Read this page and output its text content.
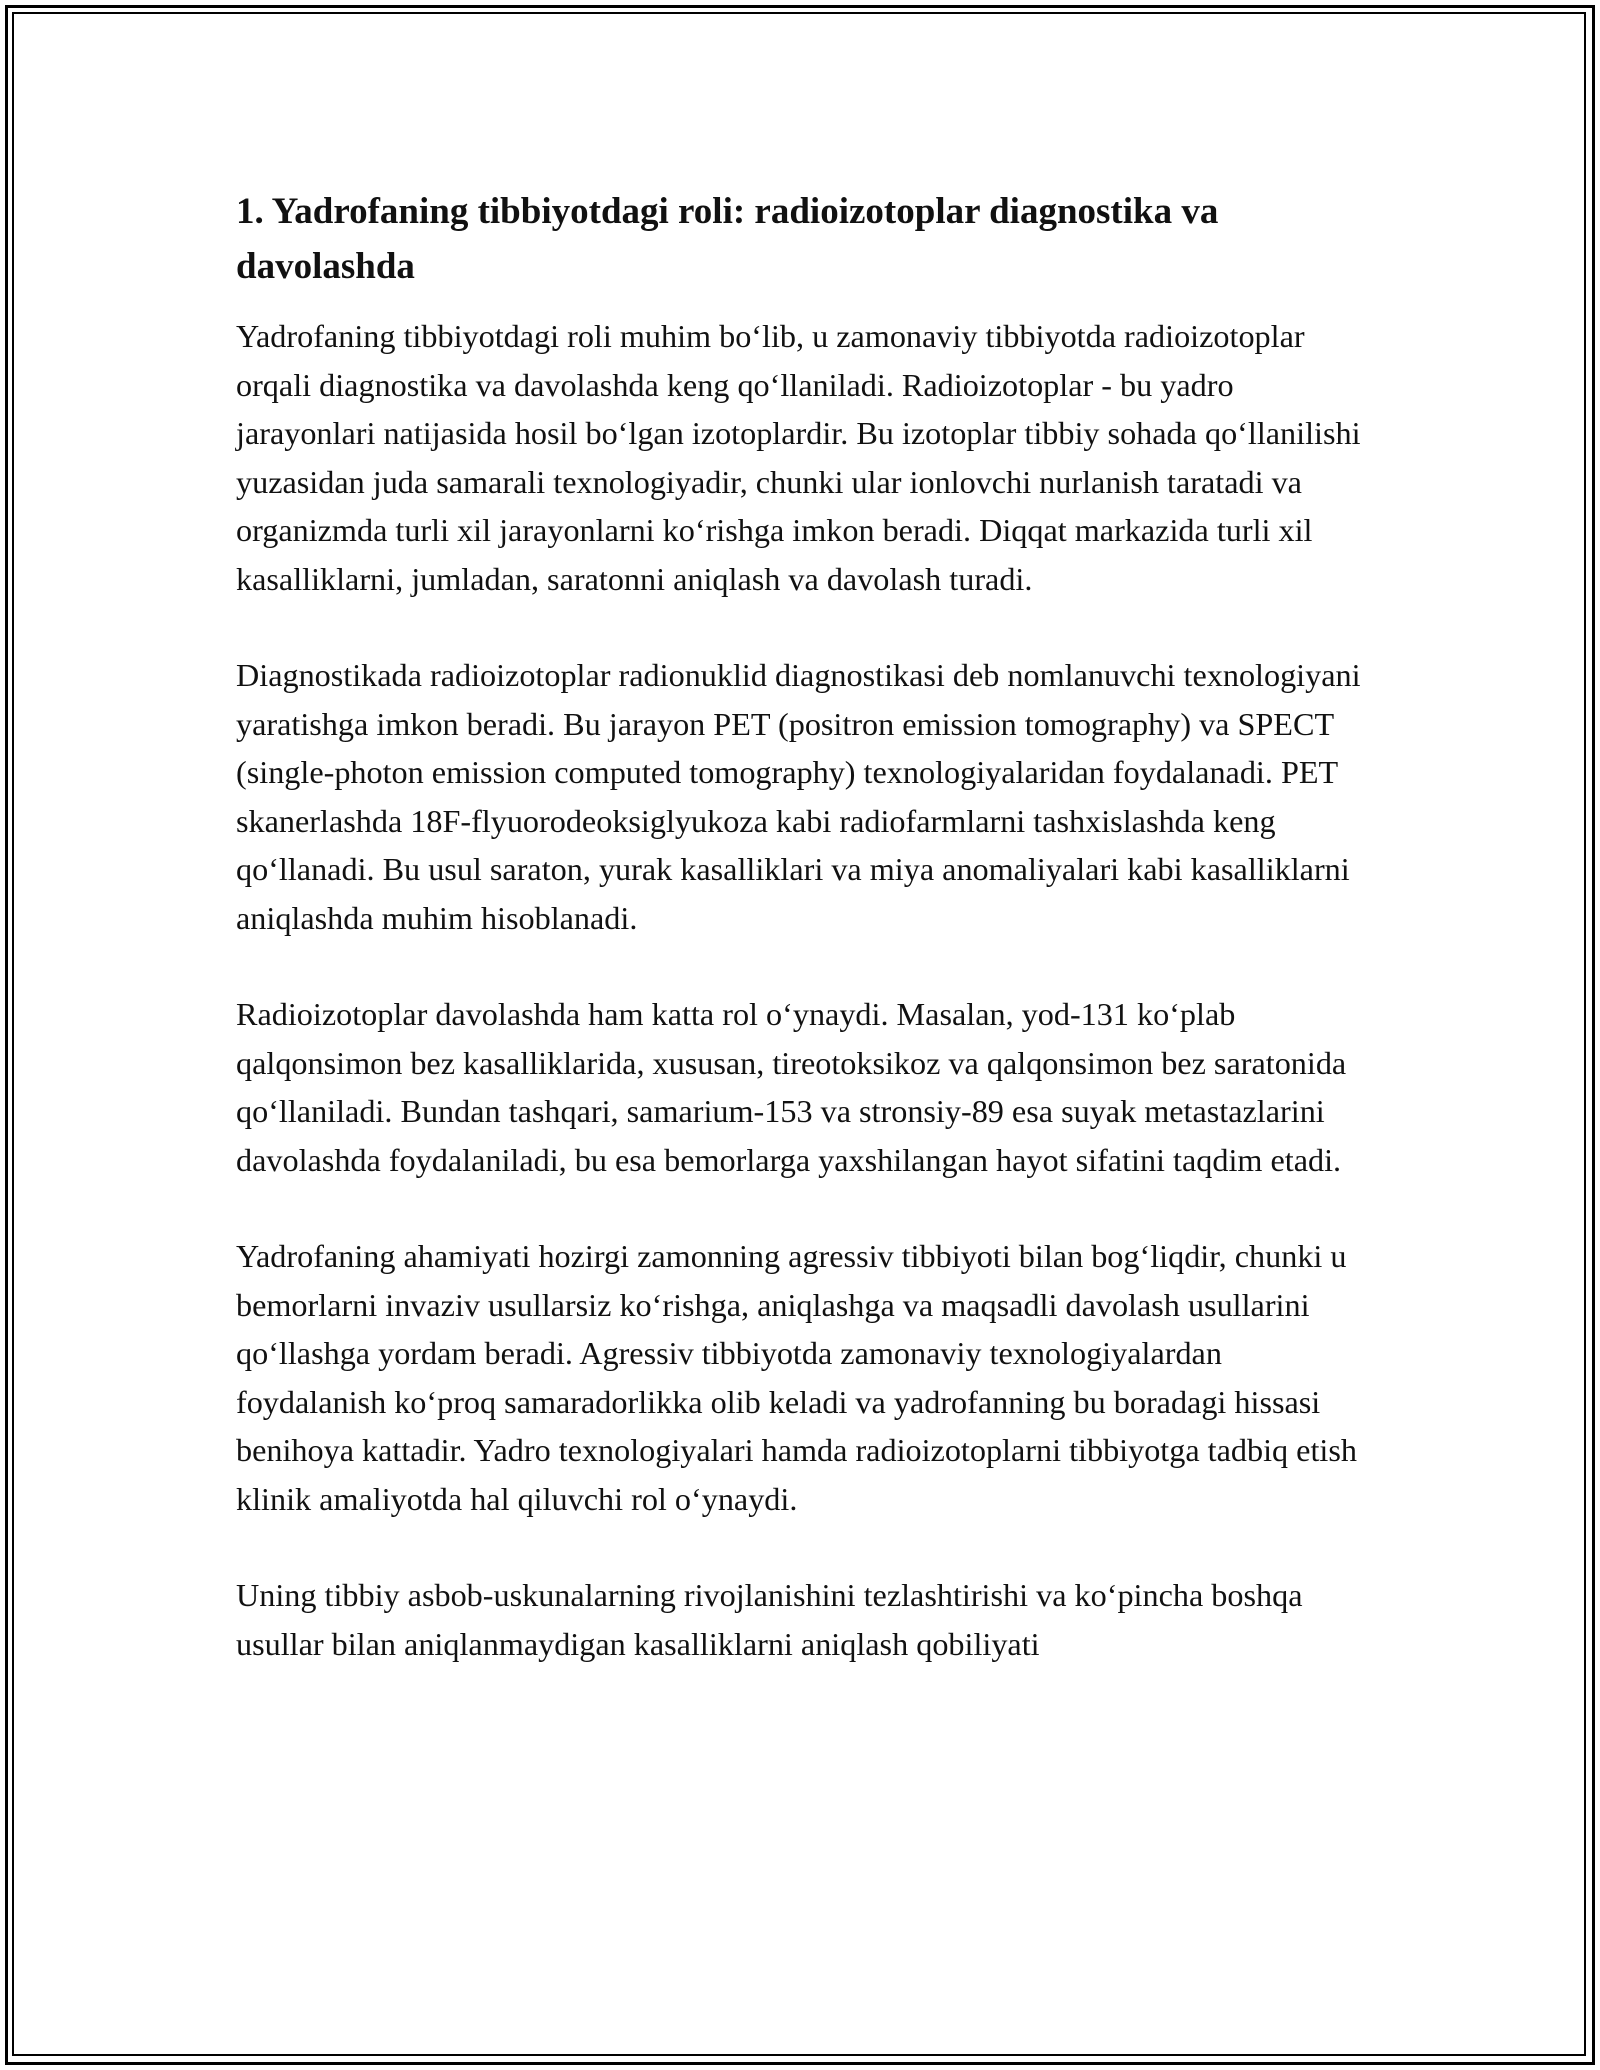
1. Yadrofaning tibbiyotdagi roli: radioizotoplar diagnostika va davolashda

Yadrofaning tibbiyotdagi roli muhim bo‘lib, u zamonaviy tibbiyotda radioizotoplar orqali diagnostika va davolashda keng qo‘llaniladi. Radioizotoplar - bu yadro jarayonlari natijasida hosil bo‘lgan izotoplardir. Bu izotoplar tibbiy sohada qo‘llanilishi yuzasidan juda samarali texnologiyadir, chunki ular ionlovchi nurlanish taratadi va organizmda turli xil jarayonlarni ko‘rishga imkon beradi. Diqqat markazida turli xil kasalliklarni, jumladan, saratonni aniqlash va davolash turadi.

Diagnostikada radioizotoplar radionuklid diagnostikasi deb nomlanuvchi texnologiyani yaratishga imkon beradi. Bu jarayon PET (positron emission tomography) va SPECT (single-photon emission computed tomography) texnologiyalaridan foydalanadi. PET skanerlashda 18F-flyuorodeoksiglyukoza kabi radiofarmlarni tashxislashda keng qo‘llanadi. Bu usul saraton, yurak kasalliklari va miya anomaliyalari kabi kasalliklarni aniqlashda muhim hisoblanadi.

Radioizotoplar davolashda ham katta rol o‘ynaydi. Masalan, yod-131 ko‘plab qalqonsimon bez kasalliklarida, xususan, tireotoksikoz va qalqonsimon bez saratonida qo‘llaniladi. Bundan tashqari, samarium-153 va stronsiy-89 esa suyak metastazlarini davolashda foydalaniladi, bu esa bemorlarga yaxshilangan hayot sifatini taqdim etadi.

Yadrofaning ahamiyati hozirgi zamonning agressiv tibbiyoti bilan bog‘liqdir, chunki u bemorlarni invaziv usullarsiz ko‘rishga, aniqlashga va maqsadli davolash usullarini qo‘llashga yordam beradi. Agressiv tibbiyotda zamonaviy texnologiyalardan foydalanish ko‘proq samaradorlikka olib keladi va yadrofanning bu boradagi hissasi benihoya kattadir. Yadro texnologiyalari hamda radioizotoplarni tibbiyotga tadbiq etish klinik amaliyotda hal qiluvchi rol o‘ynaydi.

Uning tibbiy asbob-uskunalarning rivojlanishini tezlashtirishi va ko‘pincha boshqa usullar bilan aniqlanmaydigan kasalliklarni aniqlash qobiliyati
